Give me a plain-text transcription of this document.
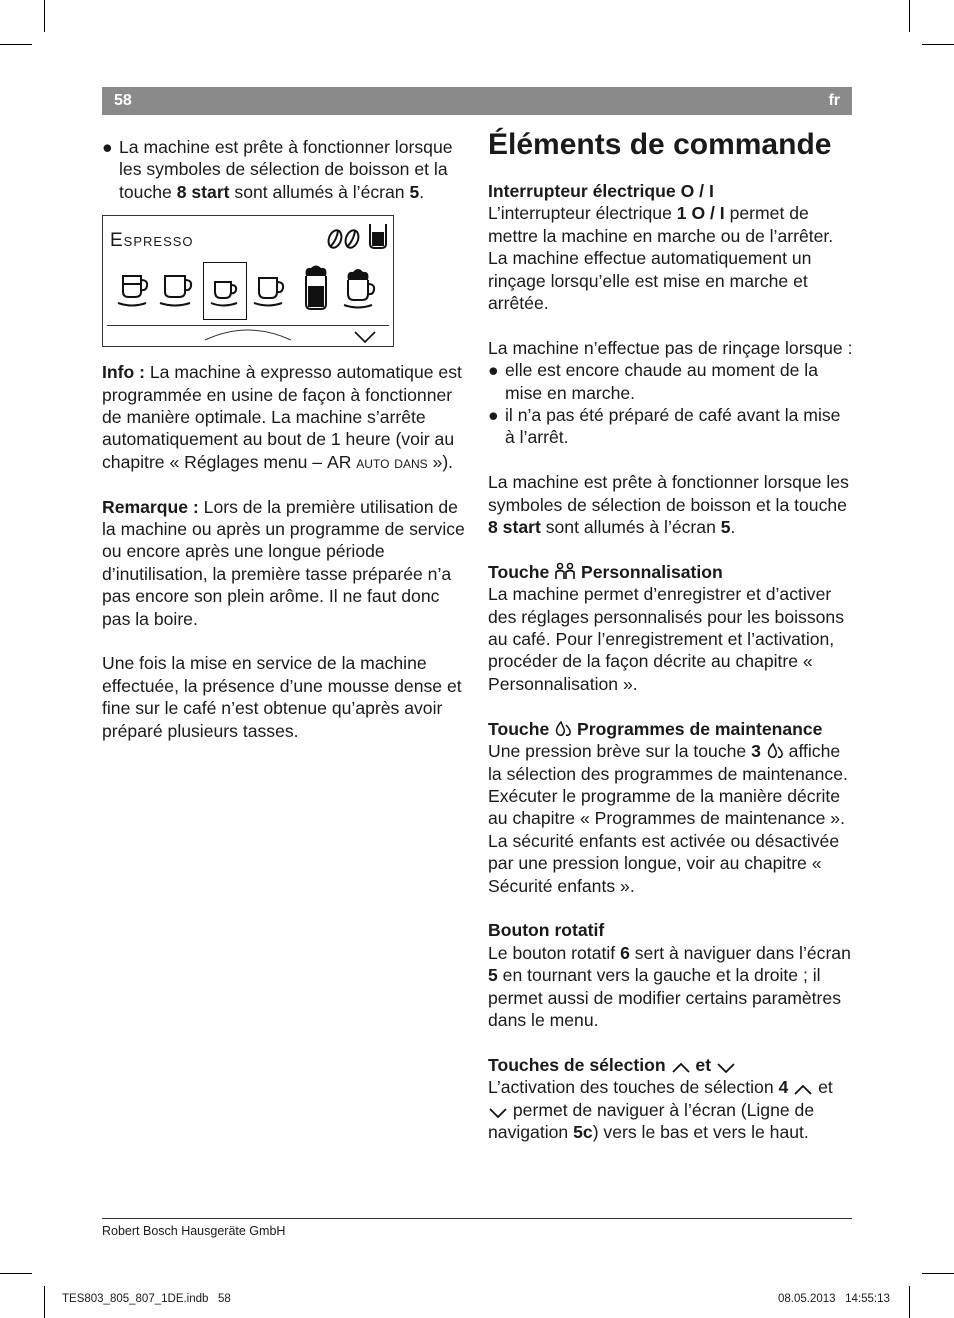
58	fr

● La machine est prête à fonctionner lorsque les symboles de sélection de boisson et la touche 8 start sont allumés à l’écran 5.

Espresso

Info : La machine à expresso automatique est programmée en usine de façon à fonctionner de manière optimale. La machine s’arrête automatiquement au bout de 1 heure (voir au chapitre « Réglages menu – AR auto dans »).

Remarque : Lors de la première utilisation de la machine ou après un programme de service ou encore après une longue période d’inutilisation, la première tasse préparée n’a pas encore son plein arôme. Il ne faut donc pas la boire.

Une fois la mise en service de la machine effectuée, la présence d’une mousse dense et fine sur le café n’est obtenue qu’après avoir préparé plusieurs tasses.

Éléments de commande

Interrupteur électrique O / I

L’interrupteur électrique 1 O / I permet de mettre la machine en marche ou de l’arrêter. La machine effectue automatiquement un rinçage lorsqu’elle est mise en marche et arrêtée.

La machine n’effectue pas de rinçage lorsque :

● elle est encore chaude au moment de la mise en marche.

● il n’a pas été préparé de café avant la mise à l’arrêt.

La machine est prête à fonctionner lorsque les symboles de sélection de boisson et la touche 8 start sont allumés à l’écran 5.

Touche  Personnalisation

La machine permet d’enregistrer et d’activer des réglages personnalisés pour les boissons au café. Pour l’enregistrement et l’activation, procéder de la façon décrite au chapitre « Personnalisation ».

Touche  Programmes de maintenance

Une pression brève sur la touche 3  affiche la sélection des programmes de maintenance. Exécuter le programme de la manière décrite au chapitre « Programmes de maintenance ».

La sécurité enfants est activée ou désactivée par une pression longue, voir au chapitre « Sécurité enfants ».

Bouton rotatif

Le bouton rotatif 6 sert à naviguer dans l’écran 5 en tournant vers la gauche et la droite ; il permet aussi de modifier certains paramètres dans le menu.

Touches de sélection  et

L’activation des touches de sélection 4  et
permet de naviguer à l’écran (Ligne de navigation 5c) vers le bas et vers le haut.

Robert Bosch Hausgeräte GmbH
TES803_805_807_1DE.indb   58	08.05.2013   14:55:13
